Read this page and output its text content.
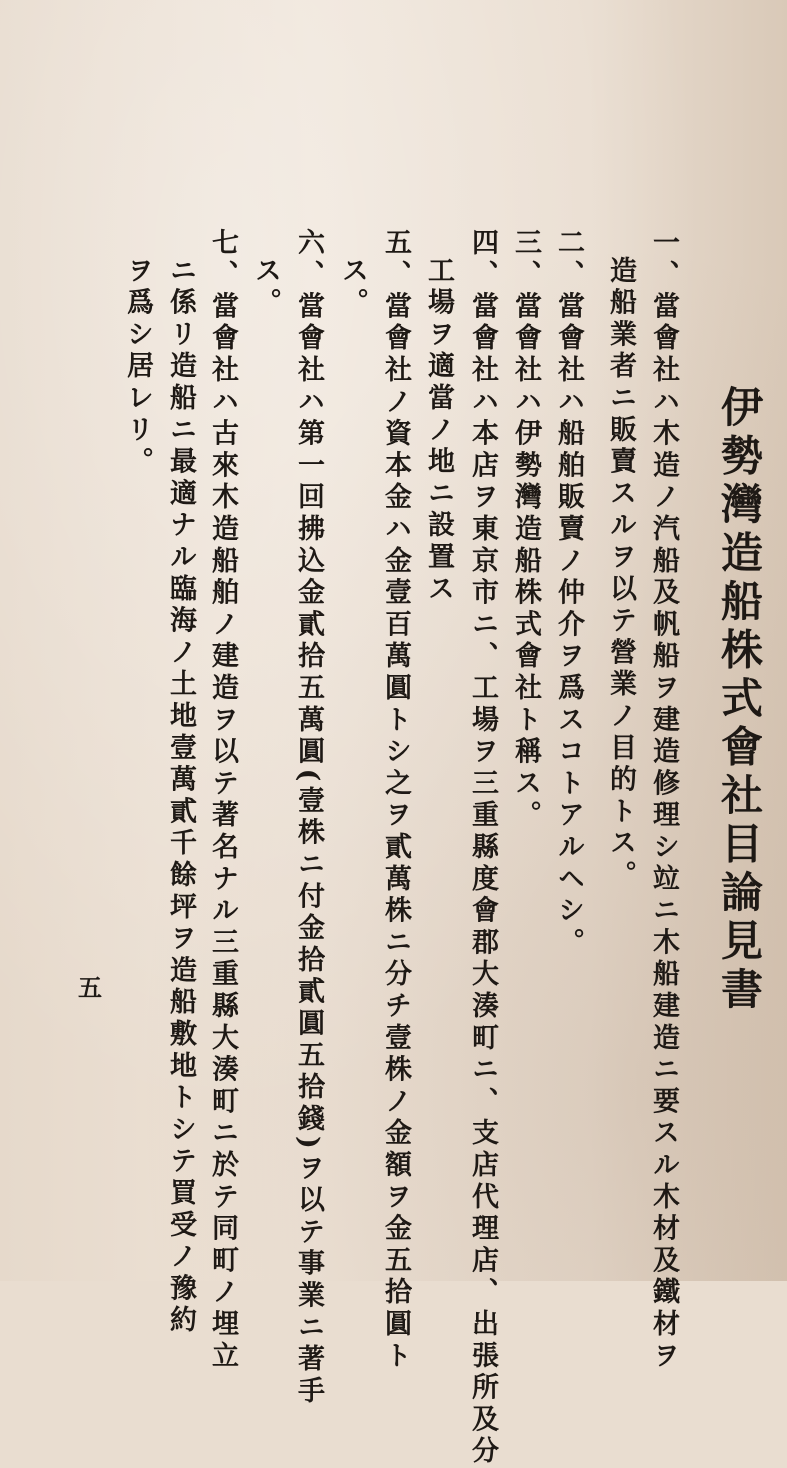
伊勢灣造船株式會社目論見書
一、當會社ハ木造ノ汽船及帆船ヲ建造修理シ竝ニ木船建造ニ要スル木材及鐵材ヲ
造船業者ニ販賣スルヲ以テ營業ノ目的トス。
二、當會社ハ船舶販賣ノ仲介ヲ爲スコトアルヘシ。
三、當會社ハ伊勢灣造船株式會社ト稱ス。
四、當會社ハ本店ヲ東京市ニ、工場ヲ三重縣度會郡大湊町ニ、支店代理店、出張所及分
工場ヲ適當ノ地ニ設置ス
五、當會社ノ資本金ハ金壹百萬圓トシ之ヲ貳萬株ニ分チ壹株ノ金額ヲ金五拾圓ト
ス。
六、當會社ハ第一回拂込金貳拾五萬圓(壹株ニ付金拾貳圓五拾錢)ヲ以テ事業ニ著手
ス。
七、當會社ハ古來木造船舶ノ建造ヲ以テ著名ナル三重縣大湊町ニ於テ同町ノ埋立
ニ係リ造船ニ最適ナル臨海ノ土地壹萬貳千餘坪ヲ造船敷地トシテ買受ノ豫約
ヲ爲シ居レリ。
五
